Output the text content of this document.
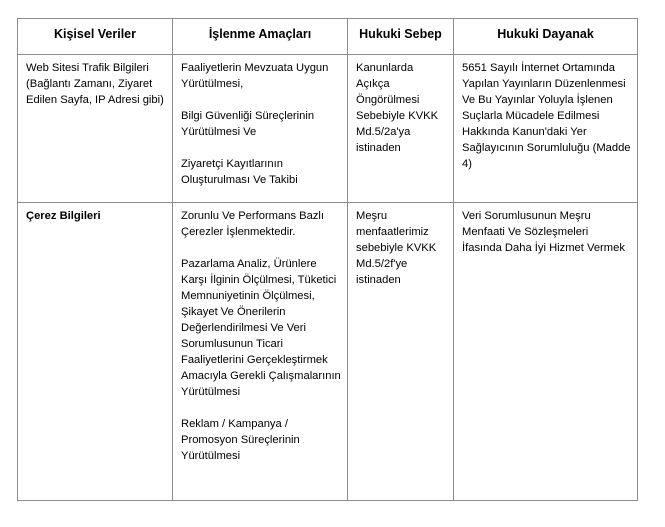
Kişisel Veriler	İşlenme Amaçları	Hukuki Sebep	Hukuki Dayanak
Web Sitesi Trafik Bilgileri (Bağlantı Zamanı, Ziyaret Edilen Sayfa, IP Adresi gibi)	Faaliyetlerin Mevzuata Uygun Yürütülmesi,

Bilgi Güvenliği Süreçlerinin Yürütülmesi Ve

Ziyaretçi Kayıtlarının Oluşturulması Ve Takibi	Kanunlarda Açıkça Öngörülmesi Sebebiyle KVKK Md.5/2a'ya istinaden	5651 Sayılı İnternet Ortamında Yapılan Yayınların Düzenlenmesi Ve Bu Yayınlar Yoluyla İşlenen Suçlarla Mücadele Edilmesi Hakkında Kanun'daki Yer Sağlayıcının Sorumluluğu (Madde 4)
Çerez Bilgileri	Zorunlu Ve Performans Bazlı Çerezler İşlenmektedir.

Pazarlama Analiz, Ürünlere Karşı İlginin Ölçülmesi, Tüketici Memnuniyetinin Ölçülmesi, Şikayet Ve Önerilerin Değerlendirilmesi Ve Veri Sorumlusunun Ticari Faaliyetlerini Gerçekleştirmek Amacıyla Gerekli Çalışmalarının Yürütülmesi

Reklam / Kampanya / Promosyon Süreçlerinin Yürütülmesi	Meşru menfaatlerimiz sebebiyle KVKK Md.5/2f'ye istinaden	Veri Sorumlusunun Meşru Menfaati Ve Sözleşmeleri İfasında Daha İyi Hizmet Vermek
